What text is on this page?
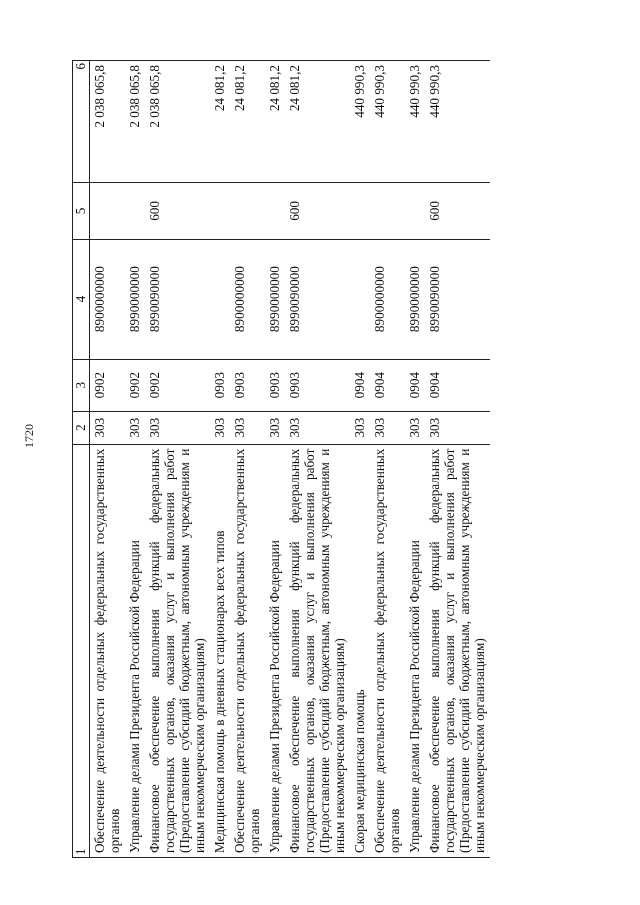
1720
1	2	3	4	5	6
Обеспечение деятельности отдельных федеральных государственных органов	303	0902	8900000000		2 038 065,8
Управление делами Президента Российской Федерации	303	0902	8990000000		2 038 065,8
Финансовое обеспечение выполнения функций федеральных государственных органов, оказания услуг и выполнения работ (Предоставление субсидий бюджетным, автономным учреждениям и иным некоммерческим организациям)	303	0902	8990090000	600	2 038 065,8
Медицинская помощь в дневных стационарах всех типов	303	0903			24 081,2
Обеспечение деятельности отдельных федеральных государственных органов	303	0903	8900000000		24 081,2
Управление делами Президента Российской Федерации	303	0903	8990000000		24 081,2
Финансовое обеспечение выполнения функций федеральных государственных органов, оказания услуг и выполнения работ (Предоставление субсидий бюджетным, автономным учреждениям и иным некоммерческим организациям)	303	0903	8990090000	600	24 081,2
Скорая медицинская помощь	303	0904			440 990,3
Обеспечение деятельности отдельных федеральных государственных органов	303	0904	8900000000		440 990,3
Управление делами Президента Российской Федерации	303	0904	8990000000		440 990,3
Финансовое обеспечение выполнения функций федеральных государственных органов, оказания услуг и выполнения работ (Предоставление субсидий бюджетным, автономным учреждениям и иным некоммерческим организациям)	303	0904	8990090000	600	440 990,3
